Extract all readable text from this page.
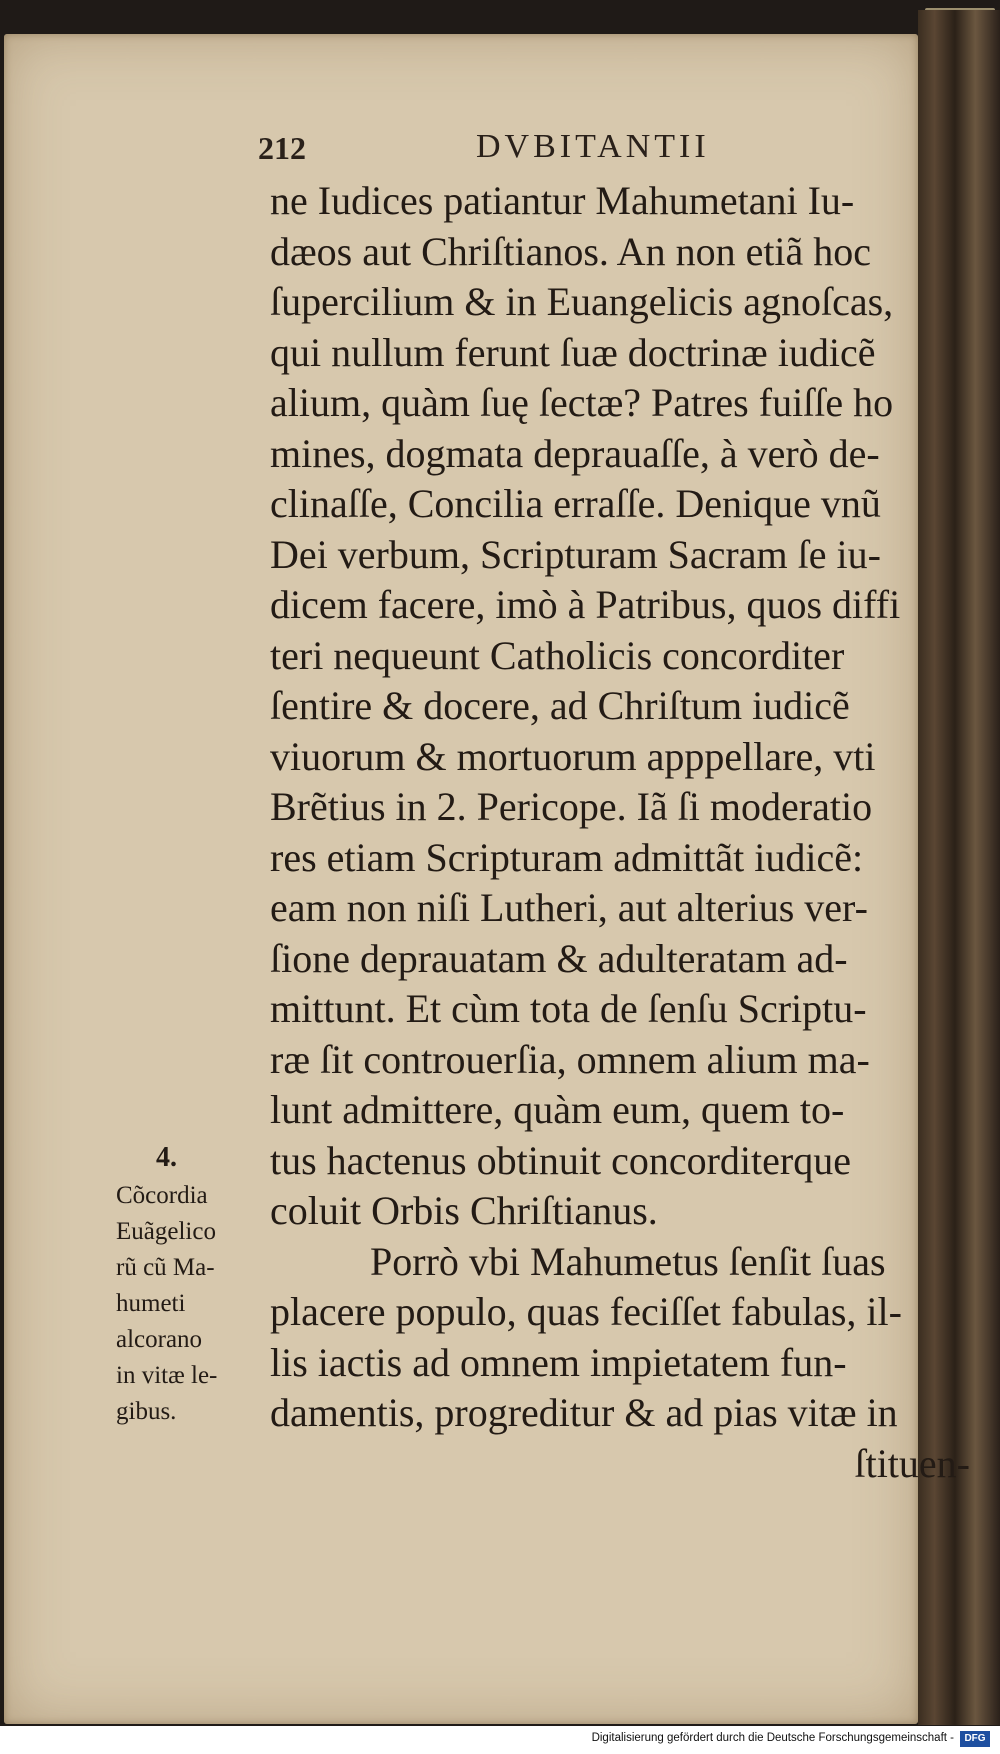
212	DVBITANTII
ne Iudices patiantur Mahumetani Iu-
dæos aut Chriſtianos. An non etiã hoc
ſupercilium & in Euangelicis agnoſcas,
qui nullum ferunt ſuæ doctrinæ iudicẽ
alium, quàm ſuę ſectæ? Patres fuiſſe ho
mines, dogmata deprauaſſe, à verò de-
clinaſſe, Concilia erraſſe. Denique vnũ
Dei verbum, Scripturam Sacram ſe iu-
dicem facere, imò à Patribus, quos diffi
teri nequeunt Catholicis concorditer
ſentire & docere, ad Chriſtum iudicẽ
viuorum & mortuorum apppellare, vti
Brẽtius in 2. Pericope. Iã ſi moderatio
res etiam Scripturam admittãt iudicẽ:
eam non niſi Lutheri, aut alterius ver-
ſione deprauatam & adulteratam ad-
mittunt. Et cùm tota de ſenſu Scriptu-
ræ ſit controuerſia, omnem alium ma-
lunt admittere, quàm eum, quem to-
tus hactenus obtinuit concorditerque
coluit Orbis Chriſtianus.
Porrò vbi Mahumetus ſenſit ſuas
placere populo, quas feciſſet fabulas, il-
lis iactis ad omnem impietatem fun-
damentis, progreditur & ad pias vitæ in
ſtituen-
4.
Cõcordia
Euãgelico
rũ cũ Ma-
humeti
alcorano
in vitæ le-
gibus.
Digitalisierung gefördert durch die Deutsche Forschungsgemeinschaft -	DFG
